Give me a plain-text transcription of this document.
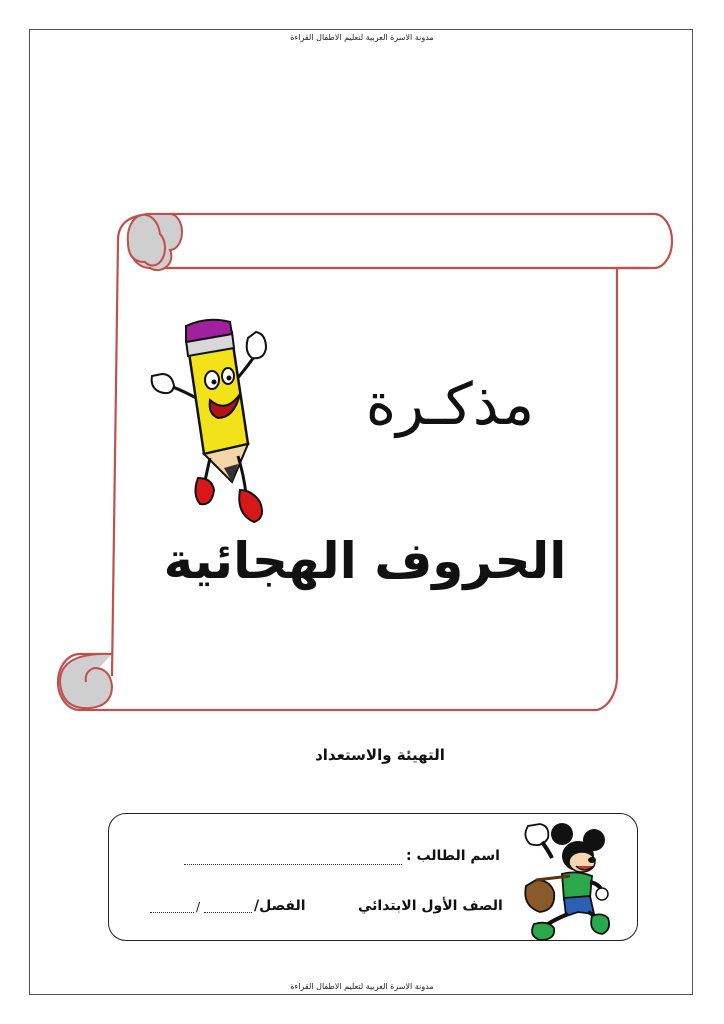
مدونة الاسرة العربية لتعليم الاطفال القراءة
مذكـرة
الحروف الهجائية
التهيئة والاستعداد
اسم الطالب :
الصف الأول الابتدائي
الفصل/
/
مدونة الاسرة العربية لتعليم الاطفال القراءة
